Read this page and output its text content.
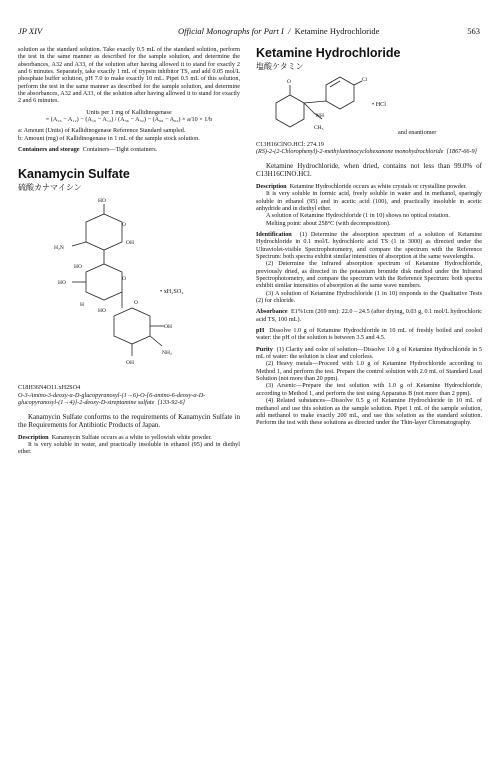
JP XIV	Official Monographs for Part I  /  Ketamine Hydrochloride	563

solution as the standard solution. Take exactly 0.5 mL of the standard solution, perform the test in the same manner as described for the sample solution, and determine the absorbances, A32 and A33, of the solution after having allowed it to stand for exactly 2 and 6 minutes. Separately, take exactly 1 mL of trypsin inhibitor TS, and add 0.05 mol/L phosphate buffer solution, pH 7.0 to make exactly 10 mL. Pipet 0.5 mL of this solution, perform the test in the same manner as described for the sample solution, and determine the absorbances, A32 and A33, of the solution after having allowed it to stand for exactly 2 and 6 minutes.

Units per 1 mg of Kallidinogenase

= (A₁₆ − A₁₂) − (A₁₆ − A₁₂) / (A₃₆ − A₃₂) − (A₆₆ − A₆₂) × a/10 × 1/b

a: Amount (Units) of Kallidinogenase Reference Standard sampled.

b: Amount (mg) of Kallidinogenase in 1 mL of the sample stock solution.

Containers and storage Containers—Tight containers.

Kanamycin Sulfate

硫酸カナマイシン

HO
O
H₂N
OH
HO
HO
O
H
HO
O
OH
OH
NH₂
• xH₂SO₄

C18H36N4O11.xH2SO4

O-3-Amino-3-deoxy-α-D-glucopyranosyl-(1→6)-O-[6-amino-6-deoxy-α-D-glucopyranosyl-(1→4)]-2-deoxy-D-streptamine sulfate [133-92-6]

Kanamycin Sulfate conforms to the requirements of Kanamycin Sulfate in the Requirements for Antibiotic Products of Japan.

Description Kanamycin Sulfate occurs as a white to yellowish white powder.

It is very soluble in water, and practically insoluble in ethanol (95) and in diethyl ether.

Ketamine Hydrochloride

塩酸ケタミン

O	Cl
NH
CH₃
• HCl
and enantiomer

C13H16ClNO.HCl: 274.19

(RS)-2-(2-Chlorophenyl)-2-methylaminocyclohexanone monohydrochloride [1867-66-9]

Ketamine Hydrochloride, when dried, contains not less than 99.0% of C13H16ClNO.HCl.

Description Ketamine Hydrochloride occurs as white crystals or crystalline powder.

It is very soluble in formic acid, freely soluble in water and in methanol, sparingly soluble in ethanol (95) and in acetic acid (100), and practically insoluble in acetic anhydride and in diethyl ether.

A solution of Ketamine Hydrochloride (1 in 10) shows no optical rotation.

Melting point: about 258°C (with decomposition).

Identification (1) Determine the absorption spectrum of a solution of Ketamine Hydrochloride in 0.1 mol/L hydrochloric acid TS (1 in 3000) as directed under the Ultraviolet-visible Spectrophotometry, and compare the spectrum with the Reference Spectrum: both spectra exhibit similar intensities of absorption at the same wavelengths.

(2) Determine the infrared absorption spectrum of Ketamine Hydrochloride, previously dried, as directed in the potassium bromide disk method under the Infrared Spectrophotometry, and compare the spectrum with the Reference Spectrum: both spectra exhibit similar intensities of absorption at the same wave numbers.

(3) A solution of Ketamine Hydrochloride (1 in 10) responds to the Qualitative Tests (2) for chloride.

Absorbance E1%1cm (269 nm): 22.0 – 24.5 (after drying, 0.03 g, 0.1 mol/L hydrochloric acid TS, 100 mL).

pH Dissolve 1.0 g of Ketamine Hydrochloride in 10 mL of freshly boiled and cooled water: the pH of the solution is between 3.5 and 4.5.

Purity (1) Clarity and color of solution—Dissolve 1.0 g of Ketamine Hydrochloride in 5 mL of water: the solution is clear and colorless.

(2) Heavy metals—Proceed with 1.0 g of Ketamine Hydrochloride according to Method 1, and perform the test. Prepare the control solution with 2.0 mL of Standard Lead Solution (not more than 20 ppm).

(3) Arsenic—Prepare the test solution with 1.0 g of Ketamine Hydrochloride, according to Method 1, and perform the test using Apparatus B (not more than 2 ppm).

(4) Related substances—Dissolve 0.5 g of Ketamine Hydrochloride in 10 mL of methanol and use this solution as the sample solution. Pipet 1 mL of the sample solution, add methanol to make exactly 200 mL, and use this solution as the standard solution. Perform the test with these solutions as directed under the Thin-layer Chromatography.
